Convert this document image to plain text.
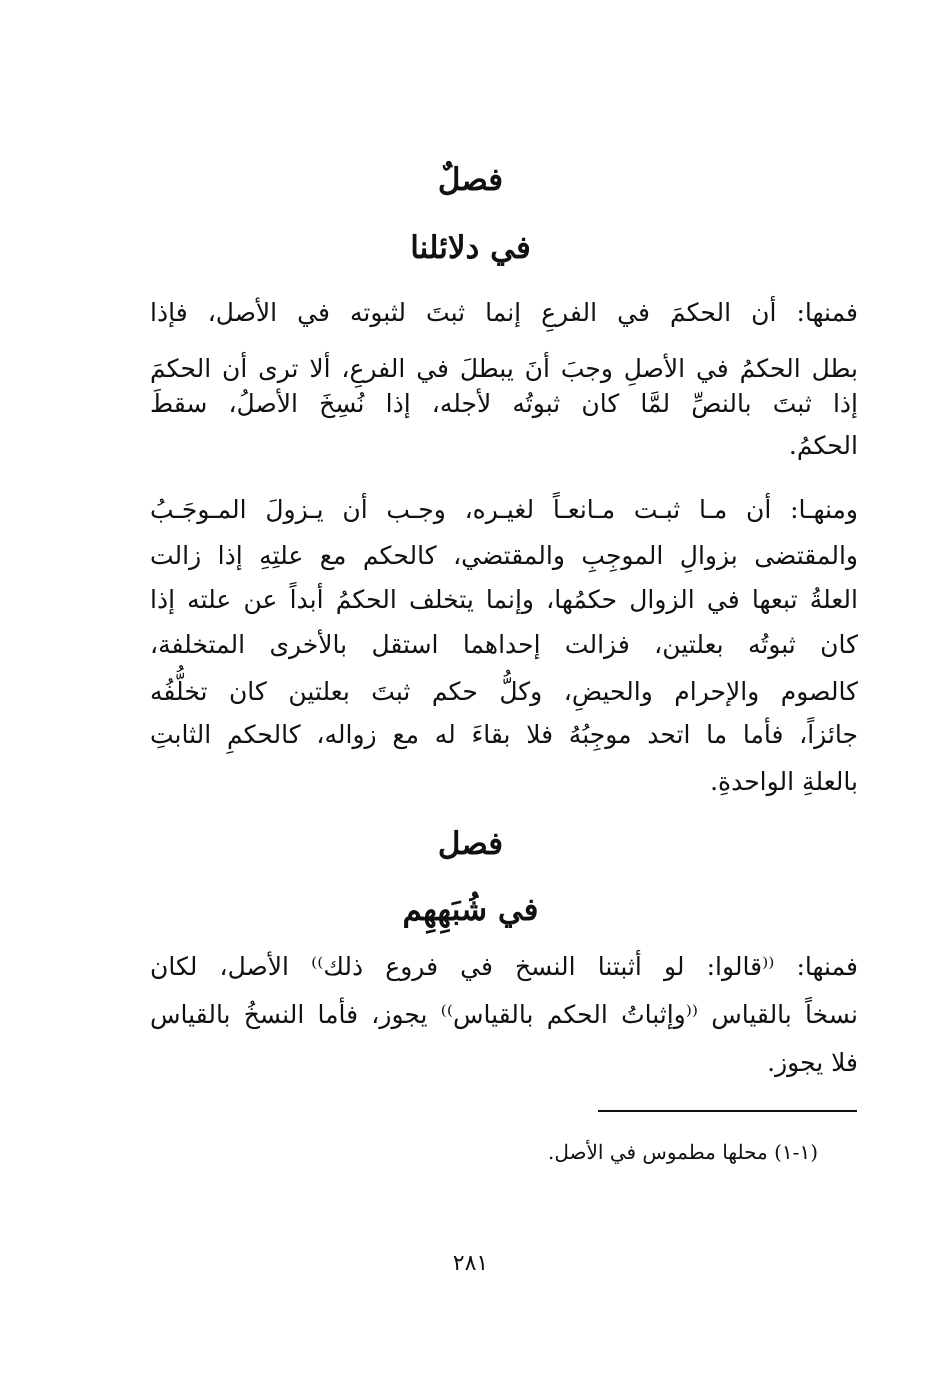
فصلٌ
في دلائلنا
فمنها: أن الحكمَ في الفرعِ إنما ثبتَ لثبوته في الأصل، فإذا
بطل الحكمُ في الأصلِ وجبَ أنَ يبطلَ في الفرعِ، ألا ترى أن الحكمَ
إذا ثبتَ بالنصِّ لمَّا كان ثبوتُه لأجله، إذا نُسِخَ الأصلُ، سقطَ
الحكمُ.
ومنهـا: أن مـا ثبـت مـانعـاً لغيـره، وجـب أن يـزولَ المـوجَـبُ
والمقتضى بزوالِ الموجِبِ والمقتضي، كالحكم مع علتِهِ إذا زالت
العلةُ تبعها في الزوال حكمُها، وإنما يتخلف الحكمُ أبداً عن علته إذا
كان ثبوتُه بعلتين، فزالت إحداهما استقل بالأخرى المتخلفة،
كالصوم والإحرام والحيضِ، وكلُّ حكم ثبتَ بعلتين كان تخلُّفُه
جائزاً، فأما ما اتحد موجِبُهُ فلا بقاءَ له مع زواله، كالحكمِ الثابتِ
بالعلةِ الواحدةِ.
فصل
في شُبَهِهِم
فمنها: ⁽⁽قالوا: لو أثبتنا النسخ في فروع ذلك⁾⁾ الأصل، لكان
نسخاً بالقياس ⁽⁽وإثباتُ الحكم بالقياس⁾⁾ يجوز، فأما النسخُ بالقياس
فلا يجوز.
(١-١) محلها مطموس في الأصل.
٢٨١
